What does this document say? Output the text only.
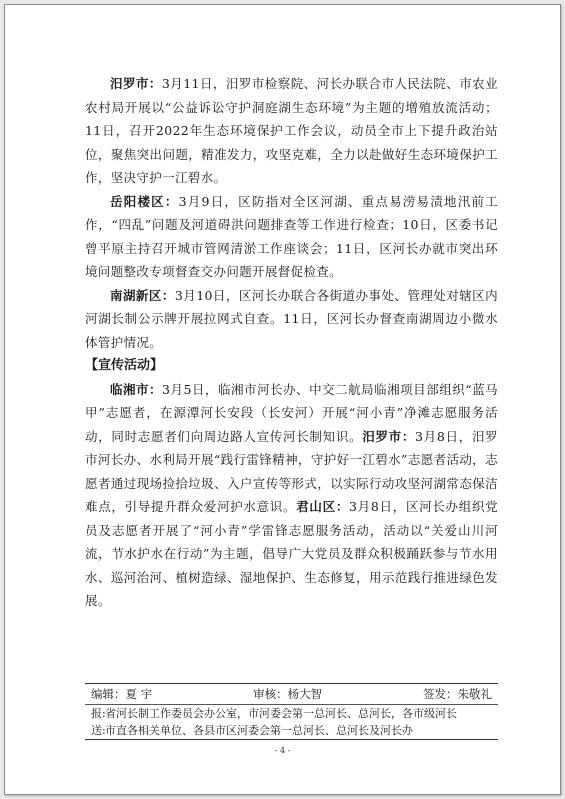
汨罗市：3月11日，汨罗市检察院、河长办联合市人民法院、市农业农村局开展以“公益诉讼守护洞庭湖生态环境”为主题的增殖放流活动；11日，召开2022年生态环境保护工作会议，动员全市上下提升政治站位，聚焦突出问题，精准发力，攻坚克难，全力以赴做好生态环境保护工作，坚决守护一江碧水。

岳阳楼区：3月9日，区防指对全区河湖、重点易涝易渍地汛前工作，“四乱”问题及河道碍洪问题排查等工作进行检查；10日，区委书记曾平原主持召开城市管网清淤工作座谈会；11日，区河长办就市突出环境问题整改专项督查交办问题开展督促检查。

南湖新区：3月10日，区河长办联合各街道办事处、管理处对辖区内河湖长制公示牌开展拉网式自查。11日，区河长办督查南湖周边小微水体管护情况。

【宣传活动】

临湘市：3月5日，临湘市河长办、中交二航局临湘项目部组织“蓝马甲”志愿者，在源潭河长安段（长安河）开展“河小青”净滩志愿服务活动，同时志愿者们向周边路人宣传河长制知识。汨罗市：3月8日，汨罗市河长办、水利局开展“践行雷锋精神，守护好一江碧水”志愿者活动，志愿者通过现场捡拾垃圾、入户宣传等形式，以实际行动攻坚河湖常态保洁难点，引导提升群众爱河护水意识。君山区：3月8日，区河长办组织党员及志愿者开展了“河小青”学雷锋志愿服务活动，活动以“关爱山川河流，节水护水在行动”为主题，倡导广大党员及群众积极踊跃参与节水用水、巡河治河、植树造绿、湿地保护、生态修复，用示范践行推进绿色发展。

编辑：夏 宇	审核：杨大智	签发：朱敬礼
报:省河长制工作委员会办公室，市河委会第一总河长、总河长，各市级河长
送:市直各相关单位、各县市区河委会第一总河长、总河长及河长办
- 4 -
